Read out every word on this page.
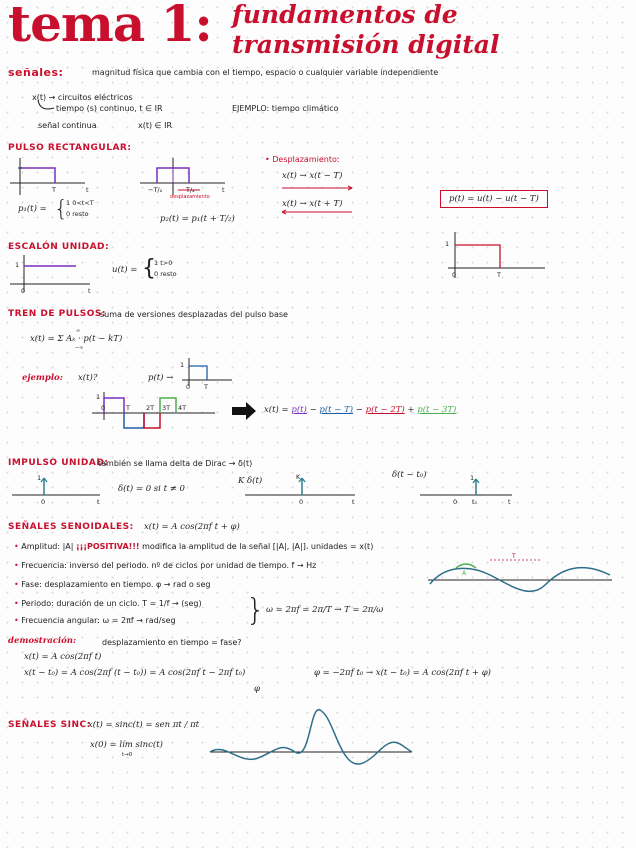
tema 1: fundamentos de
transmisión digital
señales:	magnitud física que cambia con el tiempo, espacio o cualquier variable independiente
x(t) → circuitos eléctricos
tiempo (s) continuo, t ∈ IR
señal continua	x(t) ∈ IR
EJEMPLO: tiempo climático
PULSO RECTANGULAR:
T	t
p₁(t) = {
1 0<t<T
0 resto
−T/₂	T/₂	t
desplazamiento
p₂(t) = p₁(t + T/₂)
• Desplazamiento:
x(t) → x(t − T)
x(t) → x(t + T)	p(t) = u(t) − u(t − T)
1
0	T
ESCALÓN UNIDAD:
1
0	t
u(t) = {
1 t>0
0 resto
TREN DE PULSOS:
suma de versiones desplazadas del pulso base
x(t) = Σ Aₖ · p(t − kT)
∞
−∞
ejemplo: x(t)?	p(t) →
1
0 T
1
0	T 2T 3T 4T	x(t) = p(t) − p(t − T) − p(t − 2T) + p(t − 3T)
IMPULSO UNIDAD:
también se llama delta de Dirac → δ(t)
1
0	t
δ(t) = 0 si t ≠ 0
K δ(t)	K
0	t
δ(t − t₀)	1
0 t₀	t
SEÑALES SENOIDALES: x(t) = A cos(2πf t + φ)
• Amplitud: |A| ¡¡¡POSITIVA!!! modifica la amplitud de la señal [|A|, |A|]. unidades = x(t)
• Frecuencia: inverso del periodo. nº de ciclos por unidad de tiempo. f → Hz
• Fase: desplazamiento en tiempo. φ → rad o seg
• Periodo: duración de un ciclo. T = 1/f → (seg)
• Frecuencia angular: ω = 2πf → rad/seg } ω = 2πf = 2π/T → T = 2π/ω
A
T
demostración:	desplazamiento en tiempo = fase?
x(t) = A cos(2πf t)
x(t − t₀) = A cos(2πf (t − t₀)) = A cos(2πf t − 2πf t₀)
φ
φ = −2πf t₀ → x(t − t₀) = A cos(2πf t + φ)
SEÑALES SINC:
x(t) = sinc(t) = sen πt / πt
x(0) = lím sinc(t)
t→0
